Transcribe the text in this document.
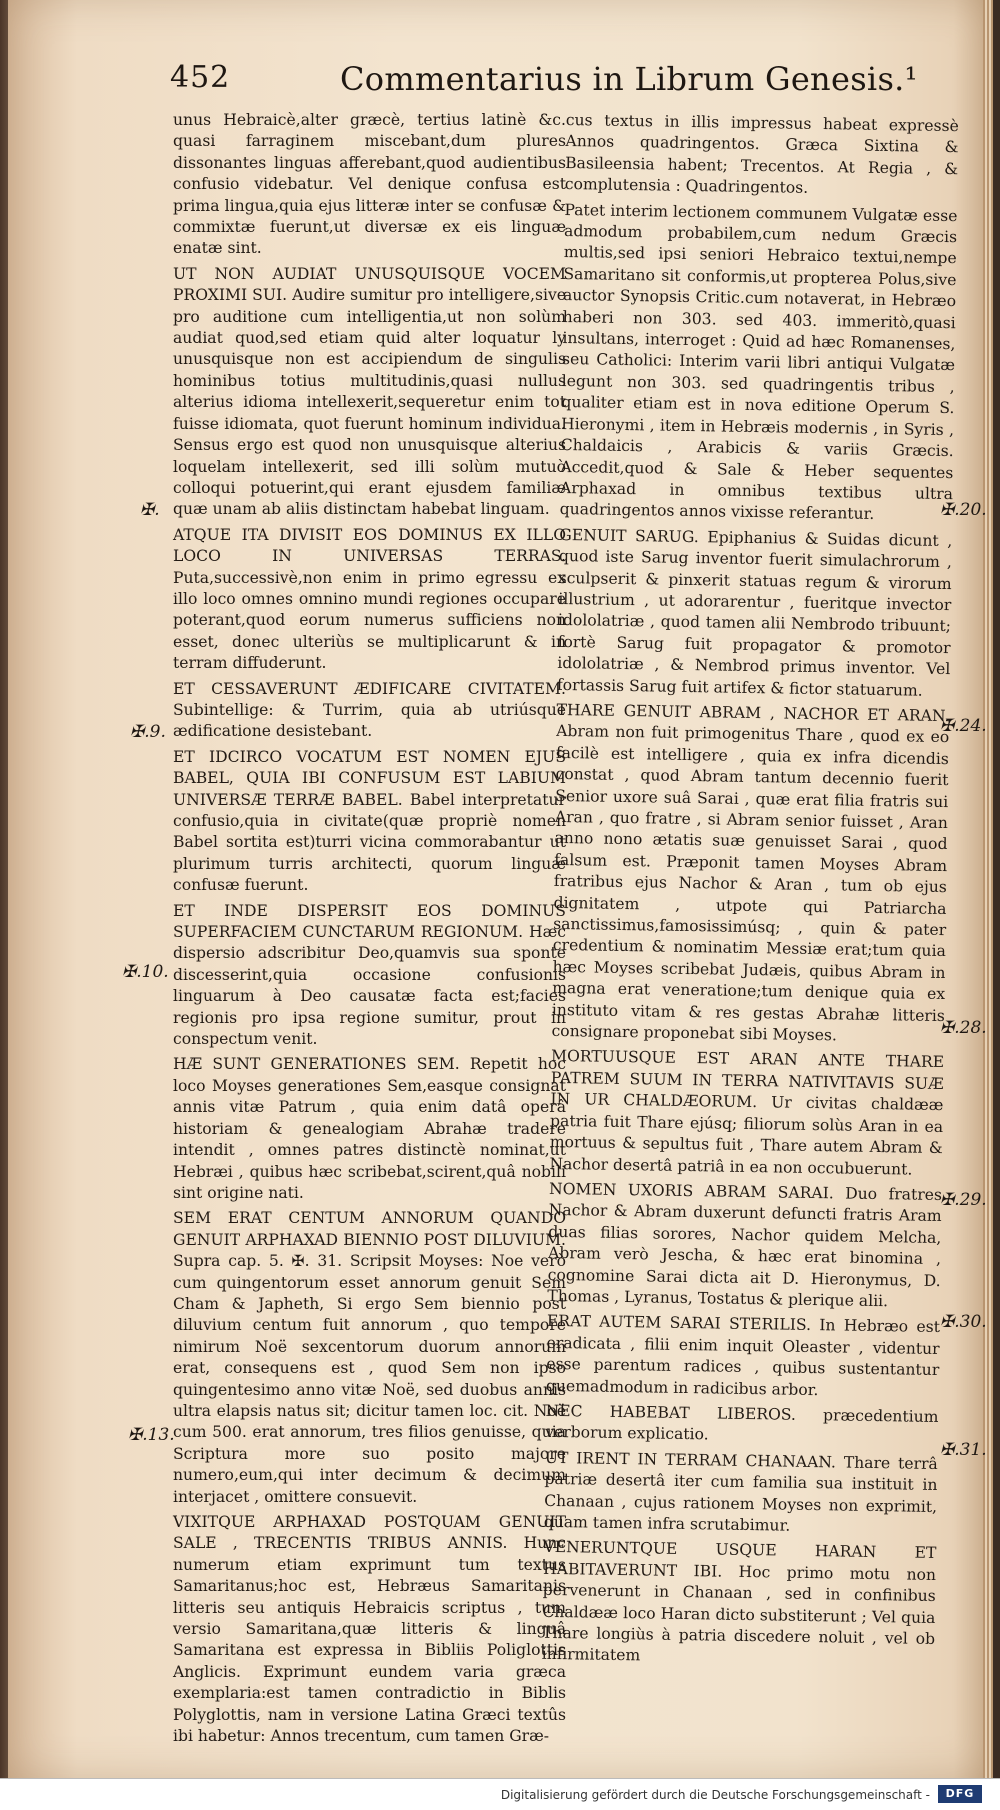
452	Commentarius in Librum Genesis.¹

unus Hebraicè,alter græcè, tertius latinè &c. quasi farraginem miscebant,dum plures dissonantes linguas afferebant,quod audientibus confusio videbatur. Vel denique confusa est prima lingua,quia ejus litteræ inter se confusæ & commixtæ fuerunt,ut diversæ ex eis linguæ enatæ sint.

UT NON AUDIAT UNUSQUISQUE VOCEM PROXIMI SUI. Audire sumitur pro intelligere,sive pro auditione cum intelligentia,ut non solùm audiat quod,sed etiam quid alter loquatur ly unusquisque non est accipiendum de singulis hominibus totius multitudinis,quasi nullus alterius idioma intellexerit,sequeretur enim tot fuisse idiomata, quot fuerunt hominum individua. Sensus ergo est quod non unusquisque alterius loquelam intellexerit, sed illi solùm mutuò colloqui potuerint,qui erant ejusdem familiæ quæ unam ab aliis distinctam habebat linguam.

ATQUE ITA DIVISIT EOS DOMINUS EX ILLO LOCO IN UNIVERSAS TERRAS. Puta,successivè,non enim in primo egressu ex illo loco omnes omnino mundi regiones occupare poterant,quod eorum numerus sufficiens non esset, donec ulteriùs se multiplicarunt & in terram diffuderunt.

ET CESSAVERUNT ÆDIFICARE CIVITATEM. Subintellige: & Turrim, quia ab utriúsque ædificatione desistebant.

ET IDCIRCO VOCATUM EST NOMEN EJUS BABEL, QUIA IBI CONFUSUM EST LABIUM UNIVERSÆ TERRÆ BABEL. Babel interpretatur confusio,quia in civitate(quæ propriè nomen Babel sortita est)turri vicina commorabantur ut plurimum turris architecti, quorum linguæ confusæ fuerunt.

ET INDE DISPERSIT EOS DOMINUS SUPERFACIEM CUNCTARUM REGIONUM. Hæc dispersio adscribitur Deo,quamvis sua sponte discesserint,quia occasione confusionis linguarum à Deo causatæ facta est;facies regionis pro ipsa regione sumitur, prout in conspectum venit.

HÆ SUNT GENERATIONES SEM. Repetit hoc loco Moyses generationes Sem,easque consignat annis vitæ Patrum , quia enim datâ operâ historiam & genealogiam Abrahæ tradere intendit , omnes patres distinctè nominat,ut Hebræi , quibus hæc scribebat,scirent,quâ nobili sint origine nati.

SEM ERAT CENTUM ANNORUM QUANDO GENUIT ARPHAXAD BIENNIO POST DILUVIUM. Supra cap. 5. ✠. 31. Scripsit Moyses: Noe verò cum quingentorum esset annorum genuit Sem Cham & Japheth, Si ergo Sem biennio post diluvium centum fuit annorum , quo tempore nimirum Noë sexcentorum duorum annorum erat, consequens est , quod Sem non ipso quingentesimo anno vitæ Noë, sed duobus annis ultra elapsis natus sit; dicitur tamen loc. cit. Noë cum 500. erat annorum, tres filios genuisse, quia Scriptura more suo posito majore numero,eum,qui inter decimum & decimum interjacet , omittere consuevit.

VIXITQUE ARPHAXAD POSTQUAM GENUIT SALE , TRECENTIS TRIBUS ANNIS. Hunc numerum etiam exprimunt tum textus Samaritanus;hoc est, Hebræus Samaritanis litteris seu antiquis Hebraicis scriptus , tum versio Samaritana,quæ litteris & linguâ Samaritana est expressa in Bibliis Poliglottis Anglicis. Exprimunt eundem varia græca exemplaria:est tamen contradictio in Biblis Polyglottis, nam in versione Latina Græci textûs ibi habetur: Annos trecentum, cum tamen Græ-

cus textus in illis impressus habeat expressè Annos quadringentos. Græca Sixtina & Basileensia habent; Trecentos. At Regia , & complutensia : Quadringentos.

Patet interim lectionem communem Vulgatæ esse admodum probabilem,cum nedum Græcis multis,sed ipsi seniori Hebraico textui,nempe Samaritano sit conformis,ut propterea Polus,sive auctor Synopsis Critic.cum notaverat, in Hebræo haberi non 303. sed 403. immeritò,quasi insultans, interroget : Quid ad hæc Romanenses, seu Catholici: Interim varii libri antiqui Vulgatæ legunt non 303. sed quadringentis tribus , qualiter etiam est in nova editione Operum S. Hieronymi , item in Hebræis modernis , in Syris , Chaldaicis , Arabicis & variis Græcis. Accedit,quod & Sale & Heber sequentes Arphaxad in omnibus textibus ultra quadringentos annos vixisse referantur.

GENUIT SARUG. Epiphanius & Suidas dicunt , quod iste Sarug inventor fuerit simulachrorum , sculpserit & pinxerit statuas regum & virorum illustrium , ut adorarentur , fueritque invector idololatriæ , quod tamen alii Nembrodo tribuunt; fortè Sarug fuit propagator & promotor idololatriæ , & Nembrod primus inventor. Vel fortassis Sarug fuit artifex & fictor statuarum.

THARE GENUIT ABRAM , NACHOR ET ARAN. Abram non fuit primogenitus Thare , quod ex eo facilè est intelligere , quia ex infra dicendis constat , quod Abram tantum decennio fuerit Senior uxore suâ Sarai , quæ erat filia fratris sui Aran , quo fratre , si Abram senior fuisset , Aran anno nono ætatis suæ genuisset Sarai , quod falsum est. Præponit tamen Moyses Abram fratribus ejus Nachor & Aran , tum ob ejus dignitatem , utpote qui Patriarcha sanctissimus,famosissimúsq; , quin & pater credentium & nominatim Messiæ erat;tum quia hæc Moyses scribebat Judæis, quibus Abram in magna erat veneratione;tum denique quia ex instituto vitam & res gestas Abrahæ litteris consignare proponebat sibi Moyses.

MORTUUSQUE EST ARAN ANTE THARE PATREM SUUM IN TERRA NATIVITAVIS SUÆ IN UR CHALDÆORUM. Ur civitas chaldææ patria fuit Thare ejúsq; filiorum solùs Aran in ea mortuus & sepultus fuit , Thare autem Abram & Nachor desertâ patriâ in ea non occubuerunt.

NOMEN UXORIS ABRAM SARAI. Duo fratres Nachor & Abram duxerunt defuncti fratris Aram duas filias sorores, Nachor quidem Melcha, Abram verò Jescha, & hæc erat binomina , cognomine Sarai dicta ait D. Hieronymus, D. Thomas , Lyranus, Tostatus & plerique alii.

ERAT AUTEM SARAI STERILIS. In Hebræo est eradicata , filii enim inquit Oleaster , videntur esse parentum radices , quibus sustentantur quemadmodum in radicibus arbor.

NEC HABEBAT LIBEROS. præcedentium verborum explicatio.

UT IRENT IN TERRAM CHANAAN. Thare terrâ patriæ desertâ iter cum familia sua instituit in Chanaan , cujus rationem Moyses non exprimit, quam tamen infra scrutabimur.

VENERUNTQUE USQUE HARAN ET HABITAVERUNT IBI. Hoc primo motu non pervenerunt in Chanaan , sed in confinibus Chaldææ loco Haran dicto substiterunt ; Vel quia Thare longiùs à patria discedere noluit , vel ob infirmitatem

✠.
✠.9.
✠.10.
✠.13.
✠.20.
✠.24.
✠.28.
✠.29.
✠.30.
✠.31.
Digitalisierung gefördert durch die Deutsche Forschungsgemeinschaft -	DFG
